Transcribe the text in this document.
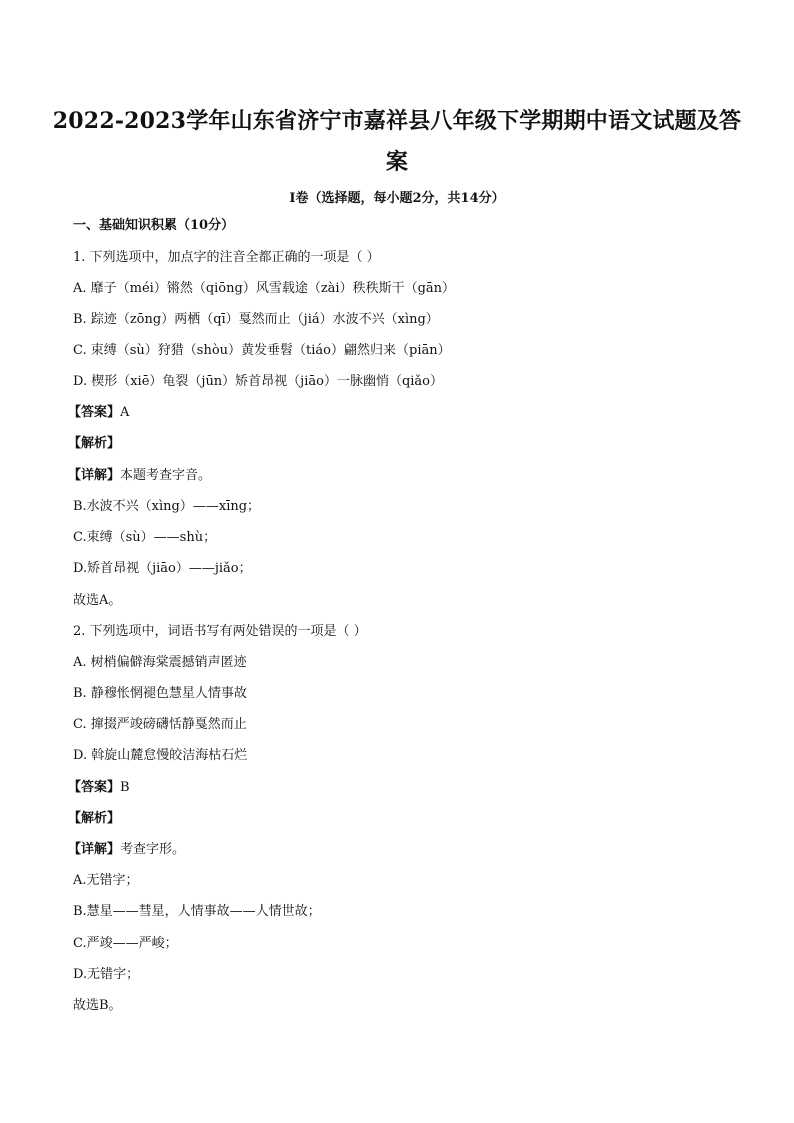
2022-2023学年山东省济宁市嘉祥县八年级下学期期中语文试题及答
案
I卷（选择题，每小题2分，共14分）
一、基础知识积累（10分）
1. 下列选项中，加点字的注音全都正确的一项是（ ）
A. 靡子（méi）锵然（qiōng）风雪载途（zài）秩秩斯干（gān）
B. 踪迹（zōng）两栖（qī）戛然而止（jiá）水波不兴（xìng）
C. 束缚（sù）狩猎（shòu）黄发垂髫（tiáo）翩然归来（piān）
D. 楔形（xiē）龟裂（jūn）矫首昂视（jiāo）一脉幽悄（qiǎo）
【答案】A
【解析】
【详解】本题考查字音。
B.水波不兴（xìng）——xīng；
C.束缚（sù）——shù；
D.矫首昂视（jiāo）——jiǎo；
故选A。
2. 下列选项中，词语书写有两处错误的一项是（ ）
A. 树梢偏僻海棠震撼销声匿迹
B. 静穆怅惘褪色慧星人情事故
C. 撺掇严竣磅礴恬静戛然而止
D. 斡旋山麓怠慢皎洁海枯石烂
【答案】B
【解析】
【详解】考查字形。
A.无错字；
B.慧星——彗星，人情事故——人情世故；
C.严竣——严峻；
D.无错字；
故选B。
